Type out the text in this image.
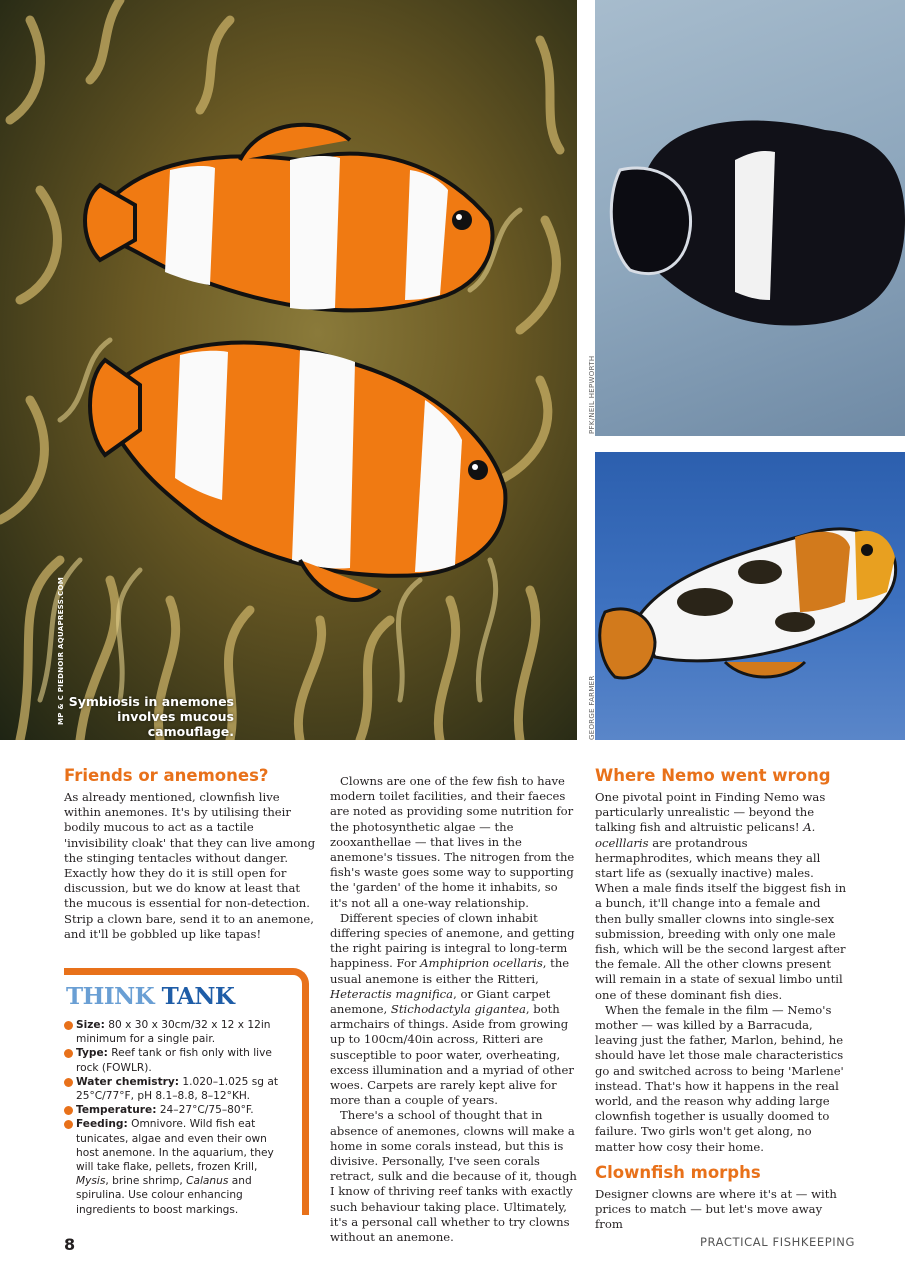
Symbiosis in anemones
involves mucous camouflage.
MP & C PIEDNOIR AQUAPRESS.COM
PFK/NEIL HEPWORTH
GEORGE FARMER
Friends or anemones?

As already mentioned, clownfish live within anemones. It's by utilising their bodily mucous to act as a tactile 'invisibility cloak' that they can live among the stinging tentacles without danger. Exactly how they do it is still open for discussion, but we do know at least that the mucous is essential for non-detection. Strip a clown bare, send it to an anemone, and it'll be gobbled up like tapas!

THINK TANK
Size: 80 x 30 x 30cm/32 x 12 x 12in minimum for a single pair.
Type: Reef tank or fish only with live rock (FOWLR).
Water chemistry: 1.020–1.025 sg at 25°C/77°F, pH 8.1–8.8, 8–12°KH.
Temperature: 24–27°C/75–80°F.
Feeding: Omnivore. Wild fish eat tunicates, algae and even their own host anemone. In the aquarium, they will take flake, pellets, frozen Krill, Mysis, brine shrimp, Calanus and spirulina. Use colour enhancing ingredients to boost markings.

Clowns are one of the few fish to have modern toilet facilities, and their faeces are noted as providing some nutrition for the photosynthetic algae — the zooxanthellae — that lives in the anemone's tissues. The nitrogen from the fish's waste goes some way to supporting the 'garden' of the home it inhabits, so it's not all a one-way relationship.

Different species of clown inhabit differing species of anemone, and getting the right pairing is integral to long-term happiness. For Amphiprion ocellaris, the usual anemone is either the Ritteri, Heteractis magnifica, or Giant carpet anemone, Stichodactyla gigantea, both armchairs of things. Aside from growing up to 100cm/40in across, Ritteri are susceptible to poor water, overheating, excess illumination and a myriad of other woes. Carpets are rarely kept alive for more than a couple of years.

There's a school of thought that in absence of anemones, clowns will make a home in some corals instead, but this is divisive. Personally, I've seen corals retract, sulk and die because of it, though I know of thriving reef tanks with exactly such behaviour taking place. Ultimately, it's a personal call whether to try clowns without an anemone.

Where Nemo went wrong

One pivotal point in Finding Nemo was particularly unrealistic — beyond the talking fish and altruistic pelicans! A. ocelllaris are protandrous hermaphrodites, which means they all start life as (sexually inactive) males. When a male finds itself the biggest fish in a bunch, it'll change into a female and then bully smaller clowns into single-sex submission, breeding with only one male fish, which will be the second largest after the female. All the other clowns present will remain in a state of sexual limbo until one of these dominant fish dies.

When the female in the film — Nemo's mother — was killed by a Barracuda, leaving just the father, Marlon, behind, he should have let those male characteristics go and switched across to being 'Marlene' instead. That's how it happens in the real world, and the reason why adding large clownfish together is usually doomed to failure. Two girls won't get along, no matter how cosy their home.

Clownfish morphs

Designer clowns are where it's at — with prices to match — but let's move away from

8	PRACTICAL FISHKEEPING
